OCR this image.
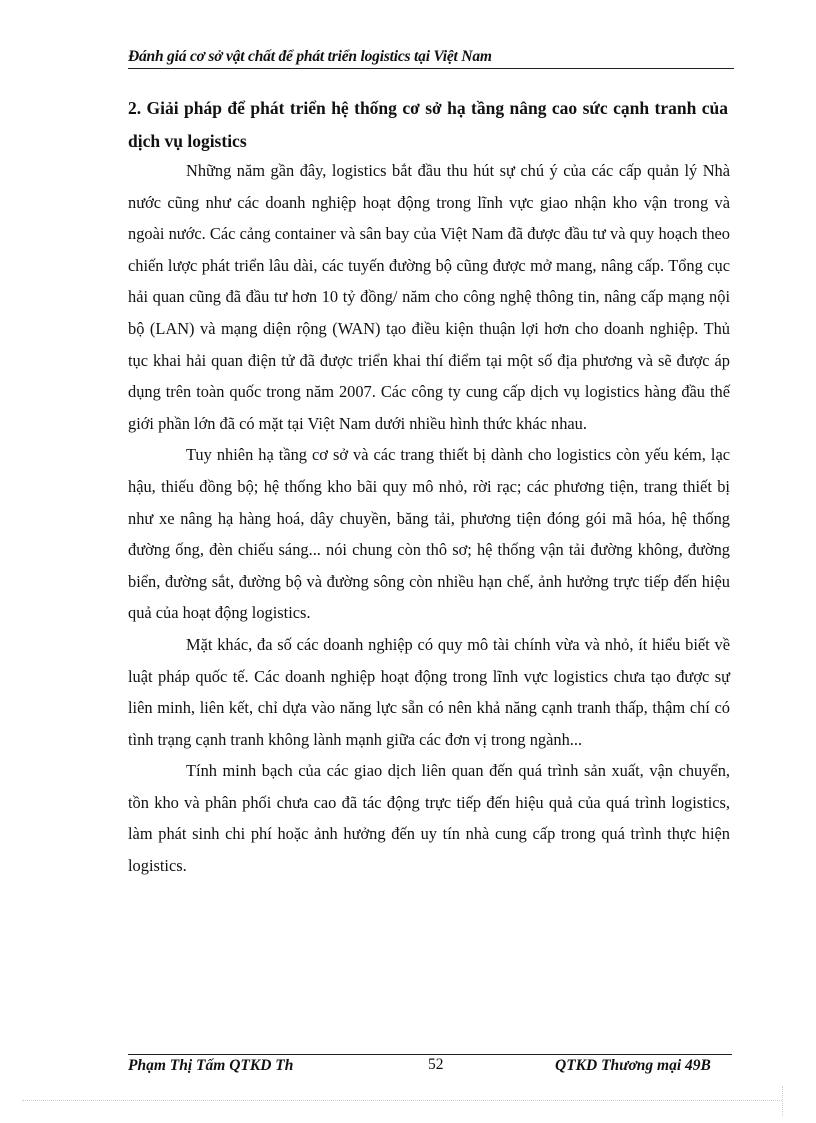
Đánh giá cơ sở vật chất để phát triển logistics tại Việt Nam
2. Giải pháp để phát triển hệ thống cơ sở hạ tầng nâng cao sức cạnh tranh của dịch vụ logistics

Những năm gần đây, logistics bắt đầu thu hút sự chú ý của các cấp quản lý Nhà nước cũng như các doanh nghiệp hoạt động trong lĩnh vực giao nhận kho vận trong và ngoài nước. Các cảng container và sân bay của Việt Nam đã được đầu tư và quy hoạch theo chiến lược phát triển lâu dài, các tuyến đường bộ cũng được mở mang, nâng cấp. Tổng cục hải quan cũng đã đầu tư hơn 10 tỷ đồng/ năm cho công nghệ thông tin, nâng cấp mạng nội bộ (LAN) và mạng diện rộng (WAN) tạo điều kiện thuận lợi hơn cho doanh nghiệp. Thủ tục khai hải quan điện tử đã được triển khai thí điểm tại một số địa phương và sẽ được áp dụng trên toàn quốc trong năm 2007. Các công ty cung cấp dịch vụ logistics hàng đầu thế giới phần lớn đã có mặt tại Việt Nam dưới nhiều hình thức khác nhau.

Tuy nhiên hạ tầng cơ sở và các trang thiết bị dành cho logistics còn yếu kém, lạc hậu, thiếu đồng bộ; hệ thống kho bãi quy mô nhỏ, rời rạc; các phương tiện, trang thiết bị như xe nâng hạ hàng hoá, dây chuyền, băng tải, phương tiện đóng gói mã hóa, hệ thống đường ống, đèn chiếu sáng... nói chung còn thô sơ; hệ thống vận tải đường không, đường biển, đường sắt, đường bộ và đường sông còn nhiều hạn chế, ảnh hưởng trực tiếp đến hiệu quả của hoạt động logistics.

Mặt khác, đa số các doanh nghiệp có quy mô tài chính vừa và nhỏ, ít hiểu biết về luật pháp quốc tế. Các doanh nghiệp hoạt động trong lĩnh vực logistics chưa tạo được sự liên minh, liên kết, chỉ dựa vào năng lực sẵn có nên khả năng cạnh tranh thấp, thậm chí có tình trạng cạnh tranh không lành mạnh giữa các đơn vị trong ngành...

Tính minh bạch của các giao dịch liên quan đến quá trình sản xuất, vận chuyển, tồn kho và phân phối chưa cao đã tác động trực tiếp đến hiệu quả của quá trình logistics, làm phát sinh chi phí hoặc ảnh hưởng đến uy tín nhà cung cấp trong quá trình thực hiện logistics.

Phạm Thị Tấm QTKD Th	52	QTKD Thương mại 49B
